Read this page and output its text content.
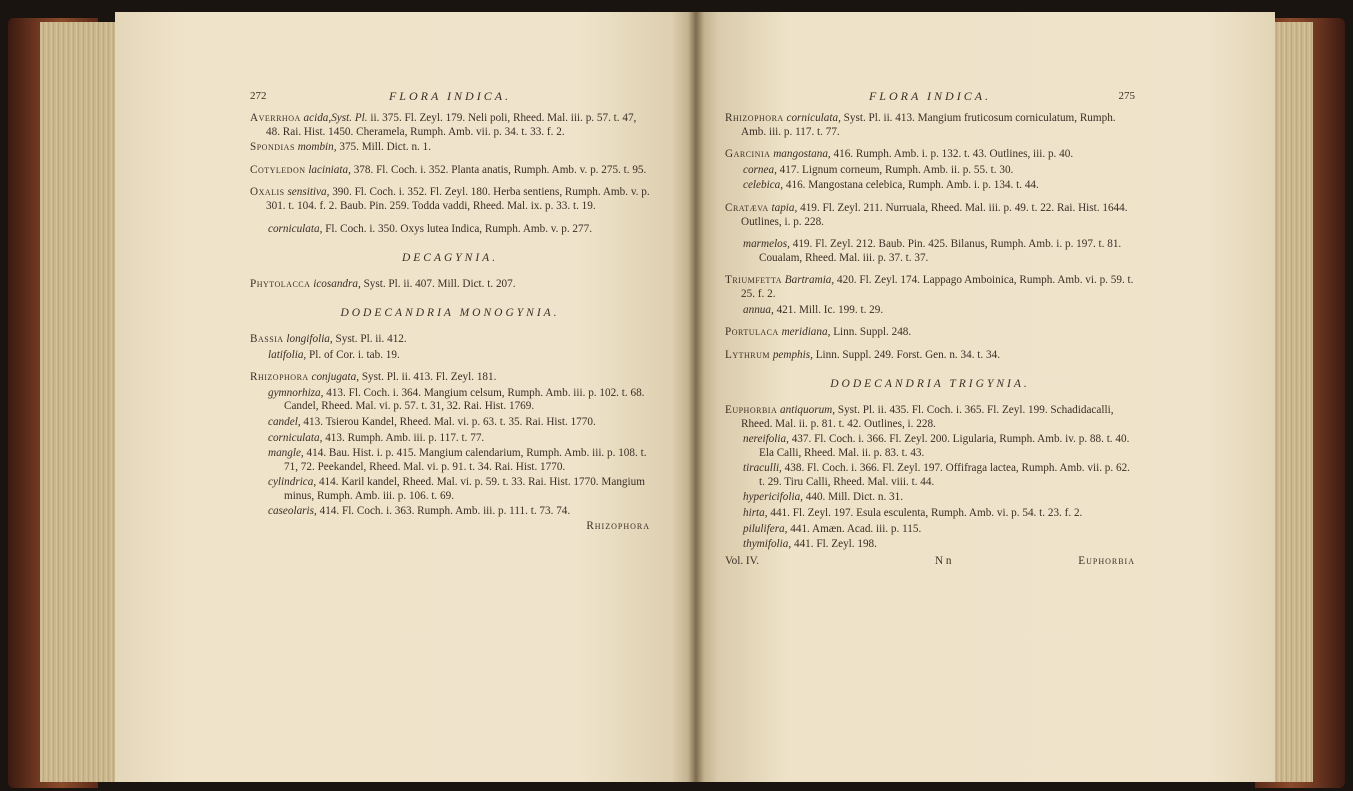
272	FLORA INDICA.
Averrhoa acida,Syst. Pl. ii. 375. Fl. Zeyl. 179. Neli poli, Rheed. Mal. iii. p. 57. t. 47, 48. Rai. Hist. 1450. Cheramela, Rumph. Amb. vii. p. 34. t. 33. f. 2.
Spondias mombin, 375. Mill. Dict. n. 1.
Cotyledon laciniata, 378. Fl. Coch. i. 352. Planta anatis, Rumph. Amb. v. p. 275. t. 95.
Oxalis sensitiva, 390. Fl. Coch. i. 352. Fl. Zeyl. 180. Herba sentiens, Rumph. Amb. v. p. 301. t. 104. f. 2. Baub. Pin. 259. Todda vaddi, Rheed. Mal. ix. p. 33. t. 19.
corniculata, Fl. Coch. i. 350. Oxys lutea Indica, Rumph. Amb. v. p. 277.
DECAGYNIA.
Phytolacca icosandra, Syst. Pl. ii. 407. Mill. Dict. t. 207.
DODECANDRIA MONOGYNIA.
Bassia longifolia, Syst. Pl. ii. 412.
latifolia, Pl. of Cor. i. tab. 19.
Rhizophora conjugata, Syst. Pl. ii. 413. Fl. Zeyl. 181.
gymnorhiza, 413. Fl. Coch. i. 364. Mangium celsum, Rumph. Amb. iii. p. 102. t. 68. Candel, Rheed. Mal. vi. p. 57. t. 31, 32. Rai. Hist. 1769.
candel, 413. Tsierou Kandel, Rheed. Mal. vi. p. 63. t. 35. Rai. Hist. 1770.
corniculata, 413. Rumph. Amb. iii. p. 117. t. 77.
mangle, 414. Bau. Hist. i. p. 415. Mangium calendarium, Rumph. Amb. iii. p. 108. t. 71, 72. Peekandel, Rheed. Mal. vi. p. 91. t. 34. Rai. Hist. 1770.
cylindrica, 414. Karil kandel, Rheed. Mal. vi. p. 59. t. 33. Rai. Hist. 1770. Mangium minus, Rumph. Amb. iii. p. 106. t. 69.
caseolaris, 414. Fl. Coch. i. 363. Rumph. Amb. iii. p. 111. t. 73. 74.
Rhizophora
FLORA INDICA.	275
Rhizophora corniculata, Syst. Pl. ii. 413. Mangium fruticosum corniculatum, Rumph. Amb. iii. p. 117. t. 77.
Garcinia mangostana, 416. Rumph. Amb. i. p. 132. t. 43. Outlines, iii. p. 40.
cornea, 417. Lignum corneum, Rumph. Amb. ii. p. 55. t. 30.
celebica, 416. Mangostana celebica, Rumph. Amb. i. p. 134. t. 44.
Cratæva tapia, 419. Fl. Zeyl. 211. Nurruala, Rheed. Mal. iii. p. 49. t. 22. Rai. Hist. 1644. Outlines, i. p. 228.
marmelos, 419. Fl. Zeyl. 212. Baub. Pin. 425. Bilanus, Rumph. Amb. i. p. 197. t. 81. Coualam, Rheed. Mal. iii. p. 37. t. 37.
Triumfetta Bartramia, 420. Fl. Zeyl. 174. Lappago Amboinica, Rumph. Amb. vi. p. 59. t. 25. f. 2.
annua, 421. Mill. Ic. 199. t. 29.
Portulaca meridiana, Linn. Suppl. 248.
Lythrum pemphis, Linn. Suppl. 249. Forst. Gen. n. 34. t. 34.
DODECANDRIA TRIGYNIA.
Euphorbia antiquorum, Syst. Pl. ii. 435. Fl. Coch. i. 365. Fl. Zeyl. 199. Schadidacalli, Rheed. Mal. ii. p. 81. t. 42. Outlines, i. 228.
nereifolia, 437. Fl. Coch. i. 366. Fl. Zeyl. 200. Ligularia, Rumph. Amb. iv. p. 88. t. 40. Ela Calli, Rheed. Mal. ii. p. 83. t. 43.
tiraculli, 438. Fl. Coch. i. 366. Fl. Zeyl. 197. Offifraga lactea, Rumph. Amb. vii. p. 62. t. 29. Tiru Calli, Rheed. Mal. viii. t. 44.
hypericifolia, 440. Mill. Dict. n. 31.
hirta, 441. Fl. Zeyl. 197. Esula esculenta, Rumph. Amb. vi. p. 54. t. 23. f. 2.
pilulifera, 441. Amæn. Acad. iii. p. 115.
thymifolia, 441. Fl. Zeyl. 198.
Vol. IV.	N n	Euphorbia
